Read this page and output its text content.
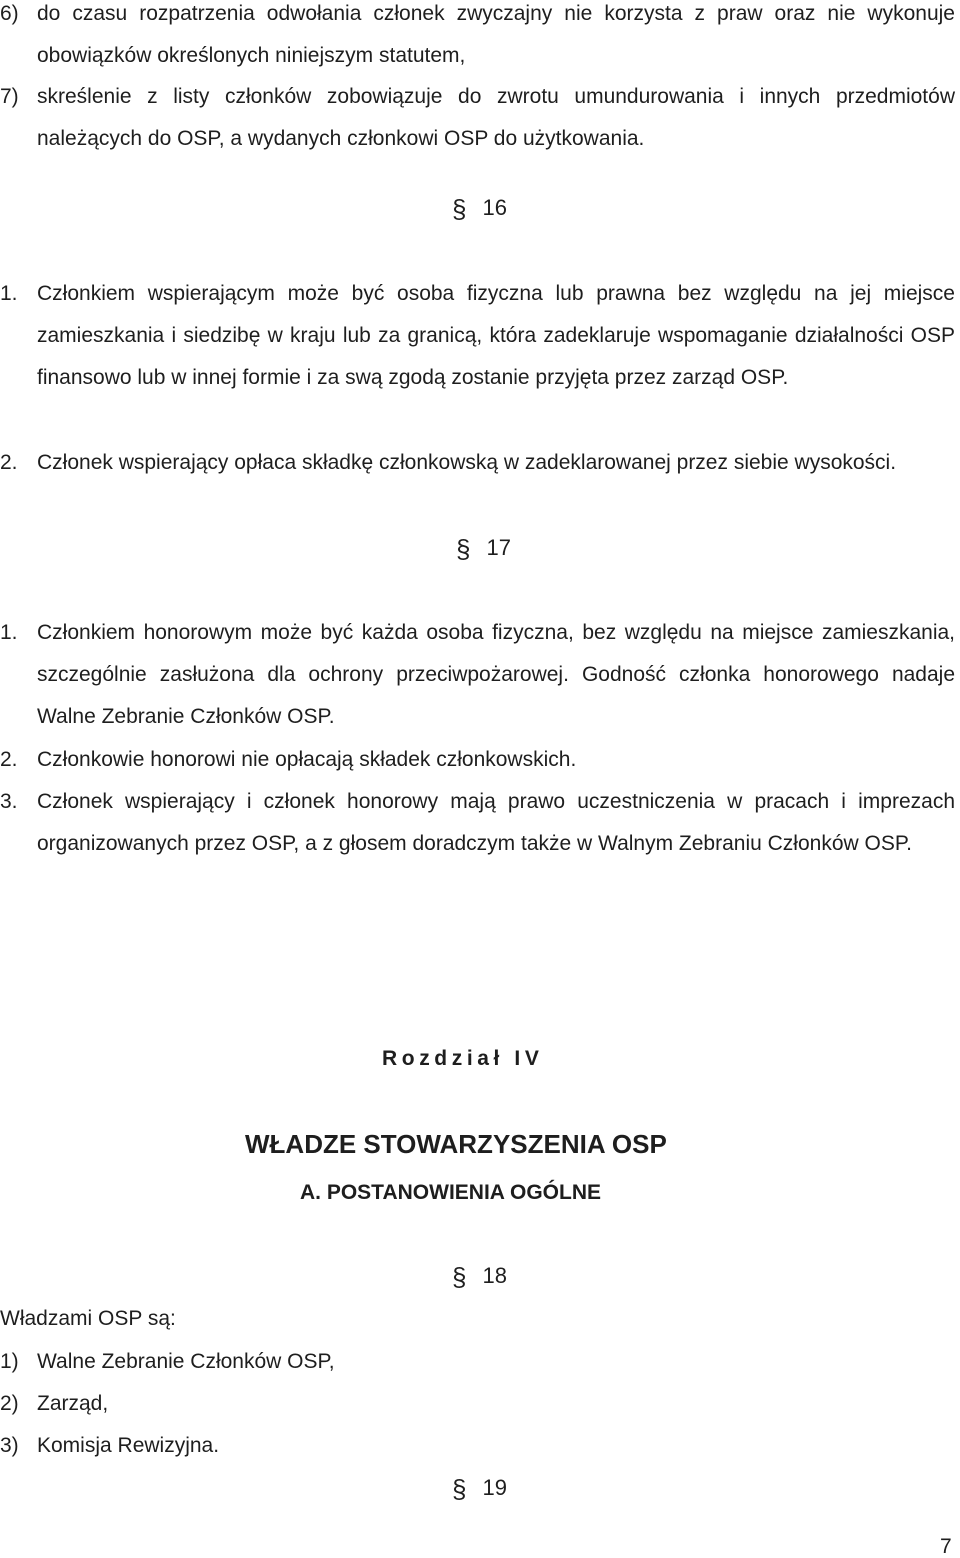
6) do czasu rozpatrzenia odwołania członek zwyczajny nie korzysta z praw oraz nie wykonuje obowiązków określonych niniejszym statutem,
7) skreślenie z listy członków zobowiązuje do zwrotu umundurowania i innych przedmiotów należących do OSP, a wydanych członkowi OSP do użytkowania.
§ 16
1. Członkiem wspierającym może być osoba fizyczna lub prawna bez względu na jej miejsce zamieszkania i siedzibę w kraju lub za granicą, która zadeklaruje wspomaganie działalności OSP finansowo lub w innej formie i za swą zgodą zostanie przyjęta przez zarząd OSP.
2. Członek wspierający opłaca składkę członkowską w zadeklarowanej przez siebie wysokości.
§ 17
1. Członkiem honorowym może być każda osoba fizyczna, bez względu na miejsce zamieszkania, szczególnie zasłużona dla ochrony przeciwpożarowej. Godność członka honorowego nadaje Walne Zebranie Członków OSP.
2. Członkowie honorowi nie opłacają składek członkowskich.
3. Członek wspierający i członek honorowy mają prawo uczestniczenia w pracach i imprezach organizowanych przez OSP, a z głosem doradczym także w Walnym Zebraniu Członków OSP.
Rozdział IV
WŁADZE STOWARZYSZENIA OSP
A. POSTANOWIENIA OGÓLNE
§ 18
Władzami OSP są:
1) Walne Zebranie Członków OSP,
2) Zarząd,
3) Komisja Rewizyjna.
§ 19
7
